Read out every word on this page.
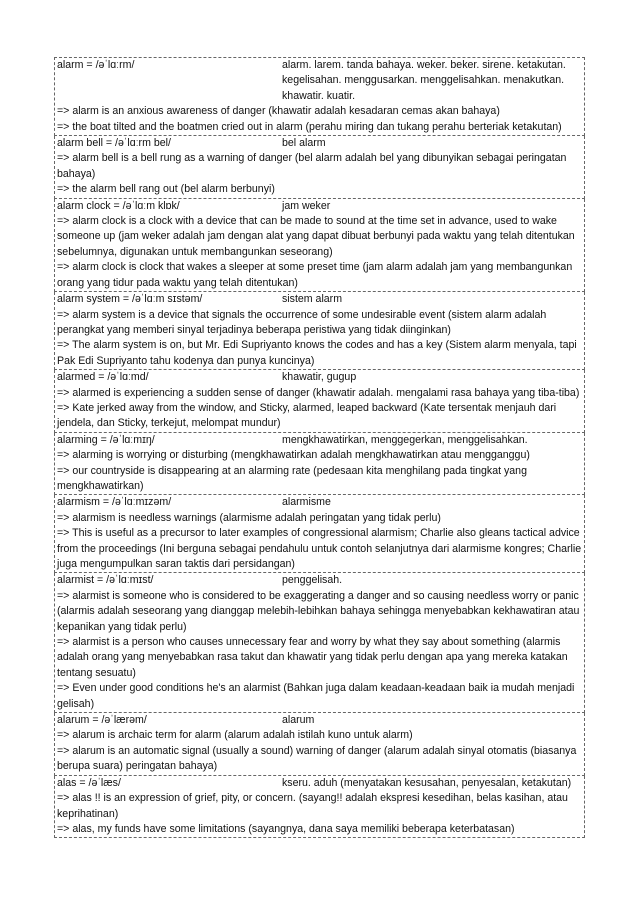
alarm = /əˈlɑːrm/	alarm. larem. tanda bahaya. weker. beker. sirene. ketakutan. kegelisahan. menggusarkan. menggelisahkan. menakutkan. khawatir. kuatir.
=> alarm is an anxious awareness of danger (khawatir adalah kesadaran cemas akan bahaya)
=> the boat tilted and the boatmen cried out in alarm (perahu miring dan tukang perahu berteriak ketakutan)
alarm bell = /əˈlɑːrm bel/	bel alarm
=> alarm bell is a bell rung as a warning of danger (bel alarm adalah bel yang dibunyikan sebagai peringatan bahaya)
=> the alarm bell rang out (bel alarm berbunyi)
alarm clock = /əˈlɑːm klɒk/	jam weker
=> alarm clock is a clock with a device that can be made to sound at the time set in advance, used to wake someone up (jam weker adalah jam dengan alat yang dapat dibuat berbunyi pada waktu yang telah ditentukan sebelumnya, digunakan untuk membangunkan seseorang)
=> alarm clock is clock that wakes a sleeper at some preset time (jam alarm adalah jam yang membangunkan orang yang tidur pada waktu yang telah ditentukan)
alarm system = /əˈlɑːm sɪstəm/	sistem alarm
=> alarm system is a device that signals the occurrence of some undesirable event (sistem alarm adalah perangkat yang memberi sinyal terjadinya beberapa peristiwa yang tidak diinginkan)
=> The alarm system is on, but Mr. Edi Supriyanto knows the codes and has a key (Sistem alarm menyala, tapi Pak Edi Supriyanto tahu kodenya dan punya kuncinya)
alarmed = /əˈlɑːmd/	khawatir, gugup
=> alarmed is experiencing a sudden sense of danger (khawatir adalah. mengalami rasa bahaya yang tiba-tiba)
=> Kate jerked away from the window, and Sticky, alarmed, leaped backward (Kate tersentak menjauh dari jendela, dan Sticky, terkejut, melompat mundur)
alarming = /əˈlɑːmɪŋ/	mengkhawatirkan, menggegerkan, menggelisahkan.
=> alarming is worrying or disturbing (mengkhawatirkan adalah mengkhawatirkan atau mengganggu)
=> our countryside is disappearing at an alarming rate (pedesaan kita menghilang pada tingkat yang mengkhawatirkan)
alarmism = /əˈlɑːmɪzəm/	alarmisme
=> alarmism is needless warnings (alarmisme adalah peringatan yang tidak perlu)
=> This is useful as a precursor to later examples of congressional alarmism; Charlie also gleans tactical advice from the proceedings (Ini berguna sebagai pendahulu untuk contoh selanjutnya dari alarmisme kongres; Charlie juga mengumpulkan saran taktis dari persidangan)
alarmist = /əˈlɑːmɪst/	penggelisah.
=> alarmist is someone who is considered to be exaggerating a danger and so causing needless worry or panic (alarmis adalah seseorang yang dianggap melebih-lebihkan bahaya sehingga menyebabkan kekhawatiran atau kepanikan yang tidak perlu)
=> alarmist is a person who causes unnecessary fear and worry by what they say about something (alarmis adalah orang yang menyebabkan rasa takut dan khawatir yang tidak perlu dengan apa yang mereka katakan tentang sesuatu)
=> Even under good conditions he's an alarmist (Bahkan juga dalam keadaan-keadaan baik ia mudah menjadi gelisah)
alarum = /əˈlærəm/	alarum
=> alarum is archaic term for alarm (alarum adalah istilah kuno untuk alarm)
=> alarum is an automatic signal (usually a sound) warning of danger (alarum adalah sinyal otomatis (biasanya berupa suara) peringatan bahaya)
alas = /əˈlæs/	kseru. aduh (menyatakan kesusahan, penyesalan, ketakutan)
=> alas !! is an expression of grief, pity, or concern. (sayang!! adalah ekspresi kesedihan, belas kasihan, atau keprihatinan)
=> alas, my funds have some limitations (sayangnya, dana saya memiliki beberapa keterbatasan)
